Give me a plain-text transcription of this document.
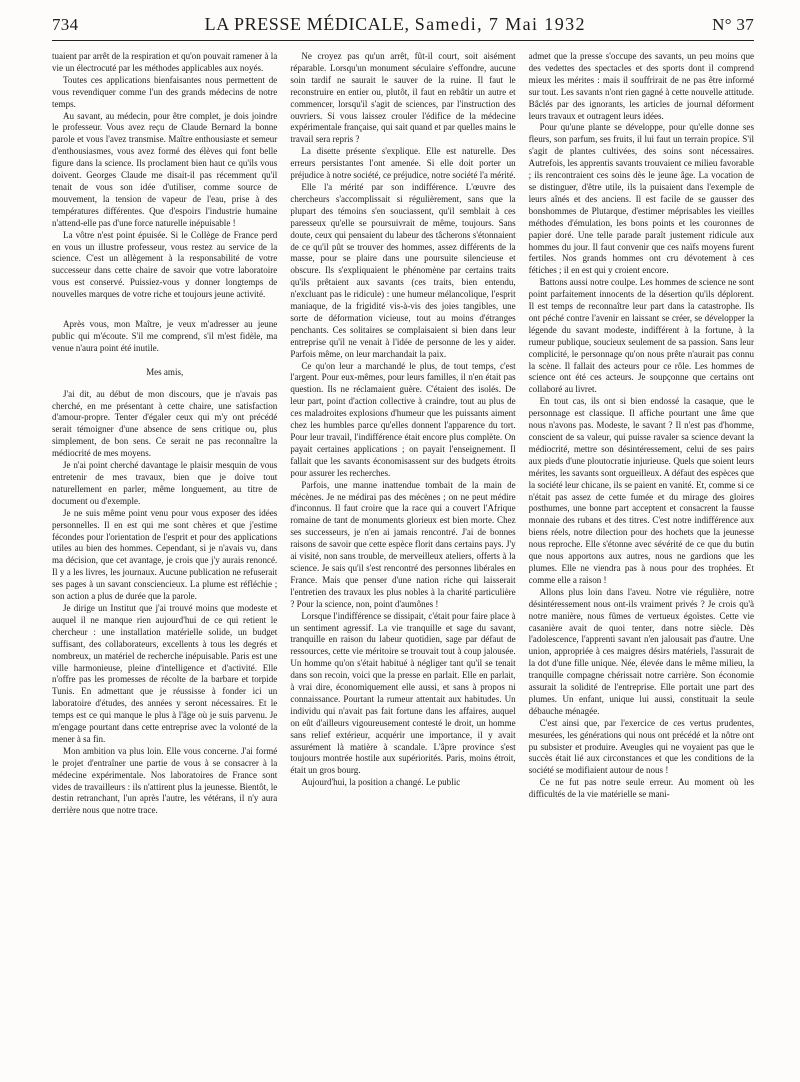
734	LA PRESSE MÉDICALE, Samedi, 7 Mai 1932	N° 37

tuaient par arrêt de la respiration et qu'on pouvait ramener à la vie un électrocuté par les méthodes applicables aux noyés.

Toutes ces applications bienfaisantes nous permettent de vous revendiquer comme l'un des grands médecins de notre temps.

Au savant, au médecin, pour être complet, je dois joindre le professeur. Vous avez reçu de Claude Bernard la bonne parole et vous l'avez transmise. Maître enthousiaste et semeur d'enthousiasmes, vous avez formé des élèves qui font belle figure dans la science. Ils proclament bien haut ce qu'ils vous doivent. Georges Claude me disait-il pas récemment qu'il tenait de vous son idée d'utiliser, comme source de mouvement, la tension de vapeur de l'eau, prise à des températures différentes. Que d'espoirs l'industrie humaine n'attend-elle pas d'une force naturelle inépuisable !

La vôtre n'est point épuisée. Si le Collège de France perd en vous un illustre professeur, vous restez au service de la science. C'est un allègement à la responsabilité de votre successeur dans cette chaire de savoir que votre laboratoire vous est conservé. Puissiez-vous y donner longtemps de nouvelles marques de votre riche et toujours jeune activité.

Après vous, mon Maître, je veux m'adresser au jeune public qui m'écoute. S'il me comprend, s'il m'est fidèle, ma venue n'aura point été inutile.

Mes amis,

J'ai dit, au début de mon discours, que je n'avais pas cherché, en me présentant à cette chaire, une satisfaction d'amour-propre. Tenter d'égaler ceux qui m'y ont précédé serait témoigner d'une absence de sens critique ou, plus simplement, de bon sens. Ce serait ne pas reconnaître la médiocrité de mes moyens.

Je n'ai point cherché davantage le plaisir mesquin de vous entretenir de mes travaux, bien que je doive tout naturellement en parler, même longuement, au titre de document ou d'exemple.

Je ne suis même point venu pour vous exposer des idées personnelles. Il en est qui me sont chères et que j'estime fécondes pour l'orientation de l'esprit et pour des applications utiles au bien des hommes. Cependant, si je n'avais vu, dans ma décision, que cet avantage, je crois que j'y aurais renoncé. Il y a les livres, les journaux. Aucune publication ne refuserait ses pages à un savant consciencieux. La plume est réfléchie ; son action a plus de durée que la parole.

Je dirige un Institut que j'ai trouvé moins que modeste et auquel il ne manque rien aujourd'hui de ce qui retient le chercheur : une installation matérielle solide, un budget suffisant, des collaborateurs, excellents à tous les degrés et nombreux, un matériel de recherche inépuisable. Paris est une ville harmonieuse, pleine d'intelligence et d'activité. Elle n'offre pas les promesses de récolte de la barbare et torpide Tunis. En admettant que je réussisse à fonder ici un laboratoire d'études, des années y seront nécessaires. Et le temps est ce qui manque le plus à l'âge où je suis parvenu. Je m'engage pourtant dans cette entreprise avec la volonté de la mener à sa fin.

Mon ambition va plus loin. Elle vous concerne. J'ai formé le projet d'entraîner une partie de vous à se consacrer à la médecine expérimentale. Nos laboratoires de France sont vides de travailleurs : ils n'attirent plus la jeunesse. Bientôt, le destin retranchant, l'un après l'autre, les vétérans, il n'y aura derrière nous que notre trace.

Ne croyez pas qu'un arrêt, fût-il court, soit aisément réparable. Lorsqu'un monument séculaire s'effondre, aucune soin tardif ne saurait le sauver de la ruine. Il faut le reconstruire en entier ou, plutôt, il faut en rebâtir un autre et commencer, lorsqu'il s'agit de sciences, par l'instruction des ouvriers. Si vous laissez crouler l'édifice de la médecine expérimentale française, qui sait quand et par quelles mains le travail sera repris ?

La disette présente s'explique. Elle est naturelle. Des erreurs persistantes l'ont amenée. Si elle doit porter un préjudice à notre société, ce préjudice, notre société l'a mérité.

Elle l'a mérité par son indifférence. L'œuvre des chercheurs s'accomplissait si régulièrement, sans que la plupart des témoins s'en souciassent, qu'il semblait à ces paresseux qu'elle se poursuivrait de même, toujours. Sans doute, ceux qui pensaient du labeur des tâcherons s'étonnaient de ce qu'il pût se trouver des hommes, assez différents de la masse, pour se plaire dans une poursuite silencieuse et obscure. Ils s'expliquaient le phénomène par certains traits qu'ils prêtaient aux savants (ces traits, bien entendu, n'excluant pas le ridicule) : une humeur mélancolique, l'esprit maniaque, de la frigidité vis-à-vis des joies tangibles, une sorte de déformation vicieuse, tout au moins d'étranges penchants. Ces solitaires se complaisaient si bien dans leur entreprise qu'il ne venait à l'idée de personne de les y aider. Parfois même, on leur marchandait la paix.

Ce qu'on leur a marchandé le plus, de tout temps, c'est l'argent. Pour eux-mêmes, pour leurs familles, il n'en était pas question. Ils ne réclamaient guère. C'étaient des isolés. De leur part, point d'action collective à craindre, tout au plus de ces maladroites explosions d'humeur que les puissants aiment chez les humbles parce qu'elles donnent l'apparence du tort. Pour leur travail, l'indifférence était encore plus complète. On payait certaines applications ; on payait l'enseignement. Il fallait que les savants économisassent sur des budgets étroits pour assurer les recherches.

Parfois, une manne inattendue tombait de la main de mécènes. Je ne médirai pas des mécènes ; on ne peut médire d'inconnus. Il faut croire que la race qui a couvert l'Afrique romaine de tant de monuments glorieux est bien morte. Chez ses successeurs, je n'en ai jamais rencontré. J'ai de bonnes raisons de savoir que cette espèce florit dans certains pays. J'y ai visité, non sans trouble, de merveilleux ateliers, offerts à la science. Je sais qu'il s'est rencontré des personnes libérales en France. Mais que penser d'une nation riche qui laisserait l'entretien des travaux les plus nobles à la charité particulière ? Pour la science, non, point d'aumônes !

Lorsque l'indifférence se dissipait, c'était pour faire place à un sentiment agressif. La vie tranquille et sage du savant, tranquille en raison du labeur quotidien, sage par défaut de ressources, cette vie méritoire se trouvait tout à coup jalousée. Un homme qu'on s'était habitué à négliger tant qu'il se tenait dans son recoin, voici que la presse en parlait. Elle en parlait, à vrai dire, économiquement elle aussi, et sans à propos ni connaissance. Pourtant la rumeur attentait aux habitudes. Un individu qui n'avait pas fait fortune dans les affaires, auquel on eût d'ailleurs vigoureusement contesté le droit, un homme sans relief extérieur, acquérir une importance, il y avait assurément là matière à scandale. L'âpre province s'est toujours montrée hostile aux supériorités. Paris, moins étroit, était un gros bourg.

Aujourd'hui, la position a changé. Le public

admet que la presse s'occupe des savants, un peu moins que des vedettes des spectacles et des sports dont il comprend mieux les mérites : mais il souffrirait de ne pas être informé sur tout. Les savants n'ont rien gagné à cette nouvelle attitude. Bâclés par des ignorants, les articles de journal déforment leurs travaux et outragent leurs idées.

Pour qu'une plante se développe, pour qu'elle donne ses fleurs, son parfum, ses fruits, il lui faut un terrain propice. S'il s'agit de plantes cultivées, des soins sont nécessaires. Autrefois, les apprentis savants trouvaient ce milieu favorable ; ils rencontraient ces soins dès le jeune âge. La vocation de se distinguer, d'être utile, ils la puisaient dans l'exemple de leurs aînés et des anciens. Il est facile de se gausser des bonshommes de Plutarque, d'estimer méprisables les vieilles méthodes d'émulation, les bons points et les couronnes de papier doré. Une telle parade paraît justement ridicule aux hommes du jour. Il faut convenir que ces naïfs moyens furent fertiles. Nos grands hommes ont cru dévotement à ces fétiches ; il en est qui y croient encore.

Battons aussi notre coulpe. Les hommes de science ne sont point parfaitement innocents de la désertion qu'ils déplorent. Il est temps de reconnaître leur part dans la catastrophe. Ils ont péché contre l'avenir en laissant se créer, se développer la légende du savant modeste, indifférent à la fortune, à la rumeur publique, soucieux seulement de sa passion. Sans leur complicité, le personnage qu'on nous prête n'aurait pas connu la scène. Il fallait des acteurs pour ce rôle. Les hommes de science ont été ces acteurs. Je soupçonne que certains ont collaboré au livret.

En tout cas, ils ont si bien endossé la casaque, que le personnage est classique. Il affiche pourtant une âme que nous n'avons pas. Modeste, le savant ? Il n'est pas d'homme, conscient de sa valeur, qui puisse ravaler sa science devant la médiocrité, mettre son désintéressement, celui de ses pairs aux pieds d'une ploutocratie injurieuse. Quels que soient leurs mérites, les savants sont orgueilleux. A défaut des espèces que la société leur chicane, ils se paient en vanité. Et, comme si ce n'était pas assez de cette fumée et du mirage des gloires posthumes, une bonne part acceptent et consacrent la fausse monnaie des rubans et des titres. C'est notre indifférence aux biens réels, notre dilection pour des hochets que la jeunesse nous reproche. Elle s'étonne avec sévérité de ce que du butin que nous apportons aux autres, nous ne gardions que les plumes. Elle ne viendra pas à nous pour des trophées. Et comme elle a raison !

Allons plus loin dans l'aveu. Notre vie régulière, notre désintéressement nous ont-ils vraiment privés ? Je crois qu'à notre manière, nous fûmes de vertueux égoïstes. Cette vie casanière avait de quoi tenter, dans notre siècle. Dès l'adolescence, l'apprenti savant n'en jalousait pas d'autre. Une union, appropriée à ces maigres désirs matériels, l'assurait de la dot d'une fille unique. Née, élevée dans le même milieu, la tranquille compagne chérissait notre carrière. Son économie assurait la solidité de l'entreprise. Elle portait une part des plumes. Un enfant, unique lui aussi, constituait la seule débauche ménagée.

C'est ainsi que, par l'exercice de ces vertus prudentes, mesurées, les générations qui nous ont précédé et la nôtre ont pu subsister et produire. Aveugles qui ne voyaient pas que le succès était lié aux circonstances et que les conditions de la société se modifiaient autour de nous !

Ce ne fut pas notre seule erreur. Au moment où les difficultés de la vie matérielle se mani-
